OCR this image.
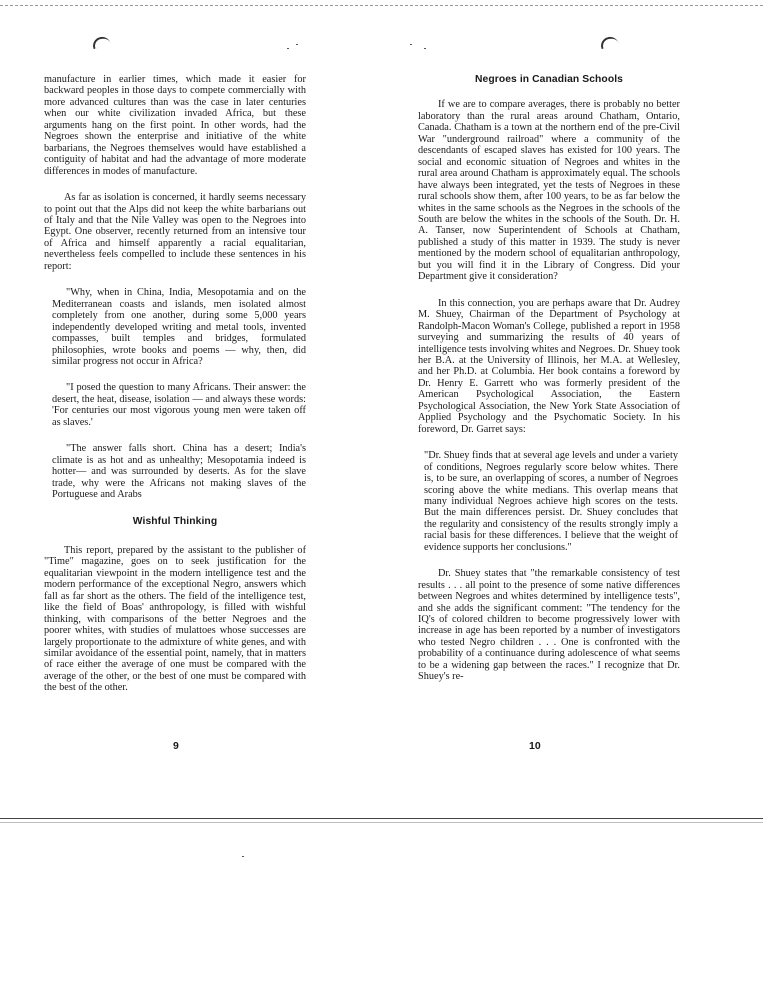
manufacture in earlier times, which made it easier for backward peoples in those days to compete commercially with more advanced cultures than was the case in later centuries when our white civilization invaded Africa, but these arguments hang on the first point. In other words, had the Negroes shown the enterprise and initiative of the white barbarians, the Negroes themselves would have established a contiguity of habitat and had the advantage of more moderate differences in modes of manufacture.

As far as isolation is concerned, it hardly seems necessary to point out that the Alps did not keep the white barbarians out of Italy and that the Nile Valley was open to the Negroes into Egypt. One observer, recently returned from an intensive tour of Africa and himself apparently a racial equalitarian, nevertheless feels compelled to include these sentences in his report:

"Why, when in China, India, Mesopotamia and on the Mediterranean coasts and islands, men isolated almost completely from one another, during some 5,000 years independently developed writing and metal tools, invented compasses, built temples and bridges, formulated philosophies, wrote books and poems — why, then, did similar progress not occur in Africa?

"I posed the question to many Africans. Their answer: the desert, the heat, disease, isolation — and always these words: 'For centuries our most vigorous young men were taken off as slaves.'

"The answer falls short. China has a desert; India's climate is as hot and as unhealthy; Mesopotamia indeed is hotter— and was surrounded by deserts. As for the slave trade, why were the Africans not making slaves of the Portuguese and Arabs

Wishful Thinking

This report, prepared by the assistant to the publisher of "Time" magazine, goes on to seek justification for the equalitarian viewpoint in the modern intelligence test and the modern performance of the exceptional Negro, answers which fall as far short as the others. The field of the intelligence test, like the field of Boas' anthropology, is filled with wishful thinking, with comparisons of the better Negroes and the poorer whites, with studies of mulattoes whose successes are largely proportionate to the admixture of white genes, and with similar avoidance of the essential point, namely, that in matters of race either the average of one must be compared with the average of the other, or the best of one must be compared with the best of the other.

9
Negroes in Canadian Schools

If we are to compare averages, there is probably no better laboratory than the rural areas around Chatham, Ontario, Canada. Chatham is a town at the northern end of the pre-Civil War "underground railroad" where a community of the descendants of escaped slaves has existed for 100 years. The social and economic situation of Negroes and whites in the rural area around Chatham is approximately equal. The schools have always been integrated, yet the tests of Negroes in these rural schools show them, after 100 years, to be as far below the whites in the same schools as the Negroes in the schools of the South are below the whites in the schools of the South. Dr. H. A. Tanser, now Superintendent of Schools at Chatham, published a study of this matter in 1939. The study is never mentioned by the modern school of equalitarian anthropology, but you will find it in the Library of Congress. Did your Department give it consideration?

In this connection, you are perhaps aware that Dr. Audrey M. Shuey, Chairman of the Department of Psychology at Randolph-Macon Woman's College, published a report in 1958 surveying and summarizing the results of 40 years of intelligence tests involving whites and Negroes. Dr. Shuey took her B.A. at the University of Illinois, her M.A. at Wellesley, and her Ph.D. at Columbia. Her book contains a foreword by Dr. Henry E. Garrett who was formerly president of the American Psychological Association, the Eastern Psychological Association, the New York State Association of Applied Psychology and the Psychomatic Society. In his foreword, Dr. Garret says:

"Dr. Shuey finds that at several age levels and under a variety of conditions, Negroes regularly score below whites. There is, to be sure, an overlapping of scores, a number of Negroes scoring above the white medians. This overlap means that many individual Negroes achieve high scores on the tests. But the main differences persist. Dr. Shuey concludes that the regularity and consistency of the results strongly imply a racial basis for these differences. I believe that the weight of evidence supports her conclusions."

Dr. Shuey states that "the remarkable consistency of test results . . . all point to the presence of some native differences between Negroes and whites determined by intelligence tests", and she adds the significant comment: "The tendency for the IQ's of colored children to become progressively lower with increase in age has been reported by a number of investigators who tested Negro children . . . One is confronted with the probability of a continuance during adolescence of what seems to be a widening gap between the races." I recognize that Dr. Shuey's re-

10
